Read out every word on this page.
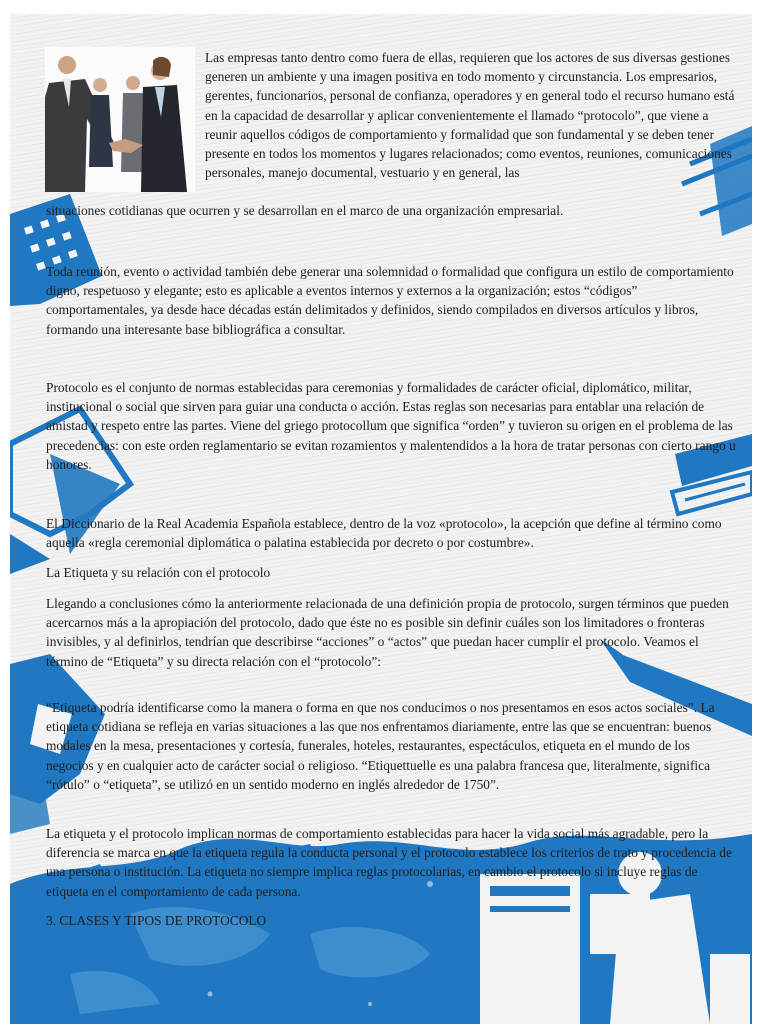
Las empresas tanto dentro como fuera de ellas, requieren que los actores de sus diversas gestiones generen un ambiente y una imagen positiva en todo momento y circunstancia. Los empresarios, gerentes, funcionarios, personal de confianza, operadores y en general todo el recurso humano está en la capacidad de desarrollar y aplicar convenientemente el llamado “protocolo”, que viene a reunir aquellos códigos de comportamiento y formalidad que son fundamental y se deben tener presente en todos los momentos y lugares relacionados; como eventos, reuniones, comunicaciones personales, manejo documental, vestuario y en general, las
situaciones cotidianas que ocurren y se desarrollan en el marco de una organización empresarial.
Toda reunión, evento o actividad también debe generar una solemnidad o formalidad que configura un estilo de comportamiento digno, respetuoso y elegante; esto es aplicable a eventos internos y externos a la organización; estos “códigos” comportamentales, ya desde hace décadas están delimitados y definidos, siendo compilados en diversos artículos y libros, formando una interesante base bibliográfica a consultar.
Protocolo es el conjunto de normas establecidas para ceremonias y formalidades de carácter oficial, diplomático, militar, institucional o social que sirven para guiar una conducta o acción. Estas reglas son necesarias para entablar una relación de amistad y respeto entre las partes. Viene del griego protocollum que significa “orden” y tuvieron su origen en el problema de las precedencias: con este orden reglamentario se evitan rozamientos y malentendidos a la hora de tratar personas con cierto rango u honores.
El Diccionario de la Real Academia Española establece, dentro de la voz «protocolo», la acepción que define al término como aquella «regla ceremonial diplomática o palatina establecida por decreto o por costumbre».
La Etiqueta y su relación con el protocolo
Llegando a conclusiones cómo la anteriormente relacionada de una definición propia de protocolo, surgen términos que pueden acercarnos más a la apropiación del protocolo, dado que éste no es posible sin definir cuáles son los limitadores o fronteras invisibles, y al definirlos, tendrían que describirse “acciones” o “actos” que puedan hacer cumplir el protocolo. Veamos el término de “Etiqueta” y su directa relación con el “protocolo”:
“Etiqueta podría identificarse como la manera o forma en que nos conducimos o nos presentamos en esos actos sociales”. La etiqueta cotidiana se refleja en varias situaciones a las que nos enfrentamos diariamente, entre las que se encuentran: buenos modales en la mesa, presentaciones y cortesía, funerales, hoteles, restaurantes, espectáculos, etiqueta en el mundo de los negocios y en cualquier acto de carácter social o religioso. “Etiquettuelle es una palabra francesa que, literalmente, significa “rótulo” o “etiqueta”, se utilizó en un sentido moderno en inglés alrededor de 1750”.
La etiqueta y el protocolo implican normas de comportamiento establecidas para hacer la vida social más agradable, pero la diferencia se marca en que la etiqueta regula la conducta personal y el protocolo establece los criterios de trato y procedencia de una persona o institución. La etiqueta no siempre implica reglas protocolarias, en cambio el protocolo si incluye reglas de etiqueta en el comportamiento de cada persona.
3. CLASES Y TIPOS DE PROTOCOLO
